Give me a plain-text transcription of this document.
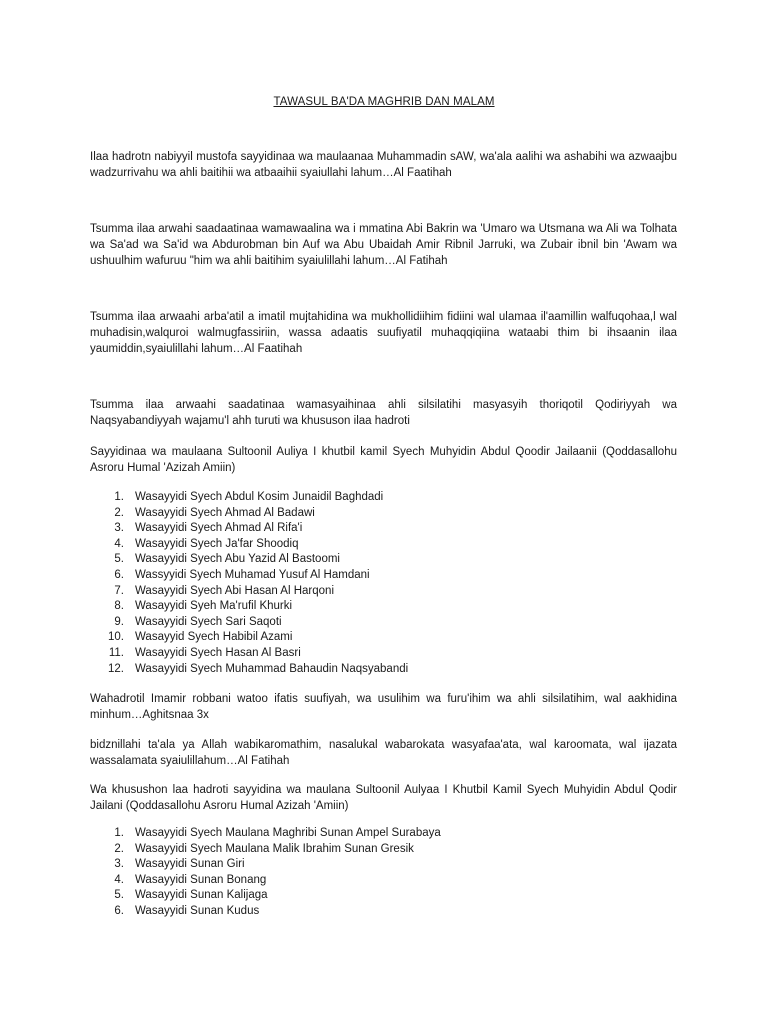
TAWASUL BA'DA MAGHRIB DAN MALAM
Ilaa hadrotn nabiyyil mustofa sayyidinaa wa maulaanaa Muhammadin sAW, wa'ala aalihi wa ashabihi wa azwaajbu wadzurrivahu wa ahli baitihii wa atbaaihii syaiullahi lahum…Al Faatihah
Tsumma ilaa arwahi saadaatinaa wamawaalina wa i mmatina Abi Bakrin wa 'Umaro wa Utsmana wa Ali wa Tolhata wa Sa'ad wa Sa'id wa Abdurobman bin Auf wa Abu Ubaidah Amir Ribnil Jarruki, wa Zubair ibnil bin 'Awam wa ushuulhim wafuruu "him wa ahli baitihim syaiulillahi lahum…Al Fatihah
Tsumma ilaa arwaahi arba'atil a imatil mujtahidina wa mukhollidiihim fidiini wal ulamaa il'aamillin walfuqohaa,l wal muhadisin,walquroi walmugfassiriin, wassa adaatis suufiyatil muhaqqiqiina wataabi thim bi ihsaanin ilaa yaumiddin,syaiulillahi lahum…Al Faatihah
Tsumma ilaa arwaahi saadatinaa wamasyaihinaa ahli silsilatihi masyasyih thoriqotil Qodiriyyah wa Naqsyabandiyyah wajamu'l ahh turuti wa khususon ilaa hadroti
Sayyidinaa wa maulaana Sultoonil Auliya I khutbil kamil Syech Muhyidin Abdul Qoodir Jailaanii (Qoddasallohu Asroru Humal 'Azizah Amiin)
1. Wasayyidi Syech Abdul Kosim Junaidil Baghdadi
2. Wasayyidi Syech Ahmad Al Badawi
3. Wasayyidi Syech Ahmad Al Rifa'i
4. Wasayyidi Syech Ja'far Shoodiq
5. Wasayyidi Syech Abu Yazid Al Bastoomi
6. Wassyyidi Syech Muhamad Yusuf Al Hamdani
7. Wasayyidi Syech Abi Hasan Al Harqoni
8. Wasayyidi Syeh Ma'rufil Khurki
9. Wasayyidi Syech Sari Saqoti
10. Wasayyid Syech Habibil Azami
11. Wasayyidi Syech Hasan Al Basri
12. Wasayyidi Syech Muhammad Bahaudin Naqsyabandi
Wahadrotil Imamir robbani watoo ifatis suufiyah, wa usulihim wa furu'ihim wa ahli silsilatihim, wal aakhidina minhum…Aghitsnaa 3x
bidznillahi ta'ala ya Allah wabikaromathim, nasalukal wabarokata wasyafaa'ata, wal karoomata, wal ijazata wassalamata syaiulillahum…Al Fatihah
Wa khusushon laa hadroti sayyidina wa maulana Sultoonil Aulyaa I Khutbil Kamil Syech Muhyidin Abdul Qodir Jailani (Qoddasallohu Asroru Humal Azizah 'Amiin)
1. Wasayyidi Syech Maulana Maghribi Sunan Ampel Surabaya
2. Wasayyidi Syech Maulana Malik Ibrahim Sunan Gresik
3. Wasayyidi Sunan Giri
4. Wasayyidi Sunan Bonang
5. Wasayyidi Sunan Kalijaga
6. Wasayyidi Sunan Kudus
